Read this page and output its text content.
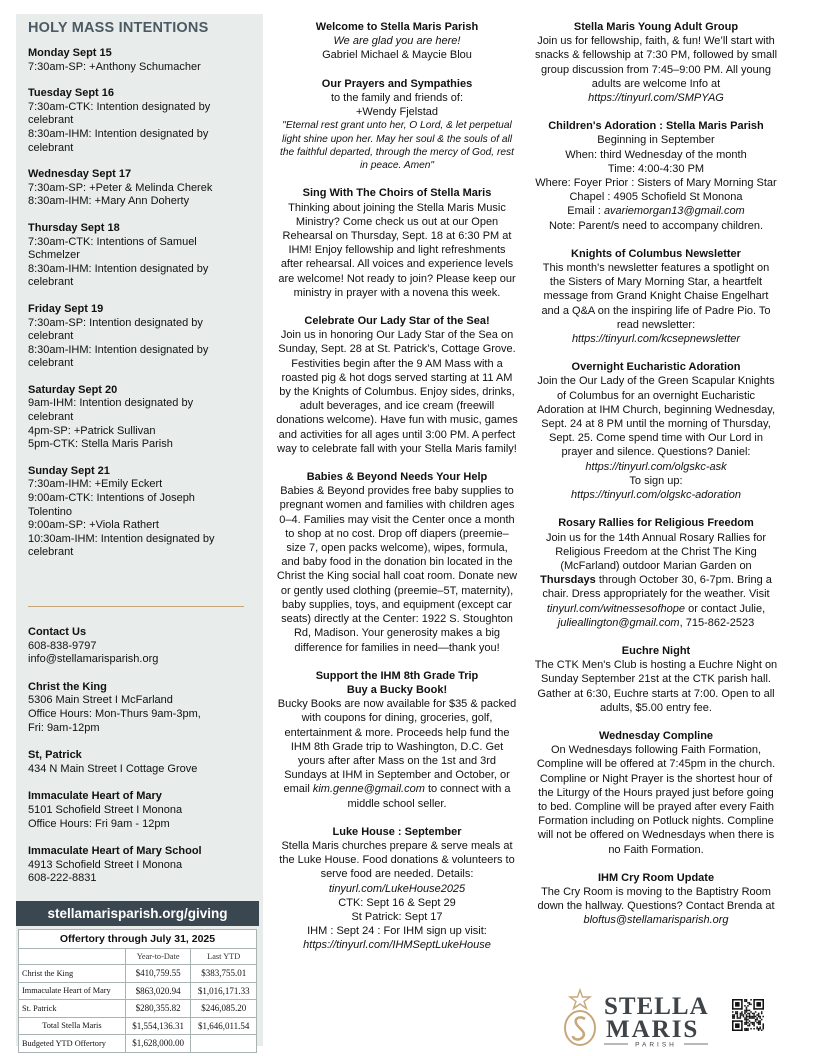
HOLY MASS INTENTIONS
Monday Sept 15
7:30am-SP: +Anthony Schumacher
Tuesday Sept 16
7:30am-CTK: Intention designated by
celebrant
8:30am-IHM: Intention designated by
celebrant
Wednesday Sept 17
7:30am-SP: +Peter & Melinda Cherek
8:30am-IHM: +Mary Ann Doherty
Thursday Sept 18
7:30am-CTK: Intentions of Samuel
Schmelzer
8:30am-IHM: Intention designated by
celebrant
Friday Sept 19
7:30am-SP: Intention designated by
celebrant
8:30am-IHM: Intention designated by
celebrant
Saturday Sept 20
9am-IHM: Intention designated by
celebrant
4pm-SP: +Patrick Sullivan
5pm-CTK: Stella Maris Parish
Sunday Sept 21
7:30am-IHM: +Emily Eckert
9:00am-CTK: Intentions of Joseph
Tolentino
9:00am-SP: +Viola Rathert
10:30am-IHM: Intention designated by
celebrant
Contact Us
608-838-9797
info@stellamarisparish.org
Christ the King
5306 Main Street I McFarland
Office Hours: Mon-Thurs 9am-3pm,
Fri: 9am-12pm
St, Patrick
434 N Main Street I Cottage Grove
Immaculate Heart of Mary
5101 Schofield Street I Monona
Office Hours: Fri 9am - 12pm
Immaculate Heart of Mary School
4913 Schofield Street I Monona
608-222-8831
stellamarisparish.org/giving
Offertory through July 31, 2025		
	Year-to-Date	Last YTD
Christ the King	$410,759.55	$383,755.01
Immaculate Heart of Mary	$863,020.94	$1,016,171.33
St. Patrick	$280,355.82	$246,085.20
Total Stella Maris	$1,554,136.31	$1,646,011.54
Budgeted YTD Offertory	$1,628,000.00	
Welcome to Stella Maris Parish
We are glad you are here!
Gabriel Michael & Maycie Blou
Our Prayers and Sympathies
to the family and friends of:
+Wendy Fjelstad
"Eternal rest grant unto her, O Lord, & let perpetual light shine upon her. May her soul & the souls of all the faithful departed, through the mercy of God, rest in peace. Amen"
Sing With The Choirs of Stella Maris
Thinking about joining the Stella Maris Music Ministry? Come check us out at our Open Rehearsal on Thursday, Sept. 18 at 6:30 PM at IHM! Enjoy fellowship and light refreshments after rehearsal. All voices and experience levels are welcome! Not ready to join? Please keep our ministry in prayer with a novena this week.
Celebrate Our Lady Star of the Sea!
Join us in honoring Our Lady Star of the Sea on Sunday, Sept. 28 at St. Patrick’s, Cottage Grove. Festivities begin after the 9 AM Mass with a roasted pig & hot dogs served starting at 11 AM by the Knights of Columbus. Enjoy sides, drinks, adult beverages, and ice cream (freewill donations welcome). Have fun with music, games and activities for all ages until 3:00 PM. A perfect way to celebrate fall with your Stella Maris family!
Babies & Beyond Needs Your Help
Babies & Beyond provides free baby supplies to pregnant women and families with children ages 0–4. Families may visit the Center once a month to shop at no cost. Drop off diapers (preemie–size 7, open packs welcome), wipes, formula, and baby food in the donation bin located in the Christ the King social hall coat room. Donate new or gently used clothing (preemie–5T, maternity), baby supplies, toys, and equipment (except car seats) directly at the Center: 1922 S. Stoughton Rd, Madison. Your generosity makes a big difference for families in need—thank you!
Support the IHM 8th Grade Trip
Buy a Bucky Book!
Bucky Books are now available for $35 & packed with coupons for dining, groceries, golf, entertainment & more. Proceeds help fund the IHM 8th Grade trip to Washington, D.C. Get yours after after Mass on the 1st and 3rd Sundays at IHM in September and October, or email kim.genne@gmail.com to connect with a middle school seller.
Luke House : September
Stella Maris churches prepare & serve meals at the Luke House. Food donations & volunteers to serve food are needed. Details: tinyurl.com/LukeHouse2025
CTK: Sept 16 & Sept 29
St Patrick: Sept 17
IHM : Sept 24 : For IHM sign up visit:
https://tinyurl.com/IHMSeptLukeHouse
Stella Maris Young Adult Group
Join us for fellowship, faith, & fun! We’ll start with snacks & fellowship at 7:30 PM, followed by small group discussion from 7:45–9:00 PM. All young adults are welcome Info at https://tinyurl.com/SMPYAG
Children's Adoration : Stella Maris Parish
Beginning in September
When: third Wednesday of the month
Time: 4:00-4:30 PM
Where: Foyer Prior : Sisters of Mary Morning Star Chapel : 4905 Schofield St Monona
Email : avariemorgan13@gmail.com
Note: Parent/s need to accompany children.
Knights of Columbus Newsletter
This month's newsletter features a spotlight on the Sisters of Mary Morning Star, a heartfelt message from Grand Knight Chaise Engelhart and a Q&A on the inspiring life of Padre Pio. To read newsletter:
https://tinyurl.com/kcsepnewsletter
Overnight Eucharistic Adoration
Join the Our Lady of the Green Scapular Knights of Columbus for an overnight Eucharistic Adoration at IHM Church, beginning Wednesday, Sept. 24 at 8 PM until the morning of Thursday, Sept. 25. Come spend time with Our Lord in prayer and silence. Questions? Daniel:
https://tinyurl.com/olgskc-ask
To sign up:
https://tinyurl.com/olgskc-adoration
Rosary Rallies for Religious Freedom
Join us for the 14th Annual Rosary Rallies for Religious Freedom at the Christ The King (McFarland) outdoor Marian Garden on Thursdays through October 30, 6-7pm. Bring a chair. Dress appropriately for the weather. Visit tinyurl.com/witnessesofhope or contact Julie, julieallington@gmail.com, 715-862-2523
Euchre Night
The CTK Men's Club is hosting a Euchre Night on Sunday September 21st at the CTK parish hall. Gather at 6:30, Euchre starts at 7:00. Open to all adults, $5.00 entry fee.
Wednesday Compline
On Wednesdays following Faith Formation, Compline will be offered at 7:45pm in the church. Compline or Night Prayer is the shortest hour of the Liturgy of the Hours prayed just before going to bed. Compline will be prayed after every Faith Formation including on Potluck nights. Compline will not be offered on Wednesdays when there is no Faith Formation.
IHM Cry Room Update
The Cry Room is moving to the Baptistry Room down the hallway. Questions? Contact Brenda at bloftus@stellamarisparish.org
STELLA
MARIS
PARISH
